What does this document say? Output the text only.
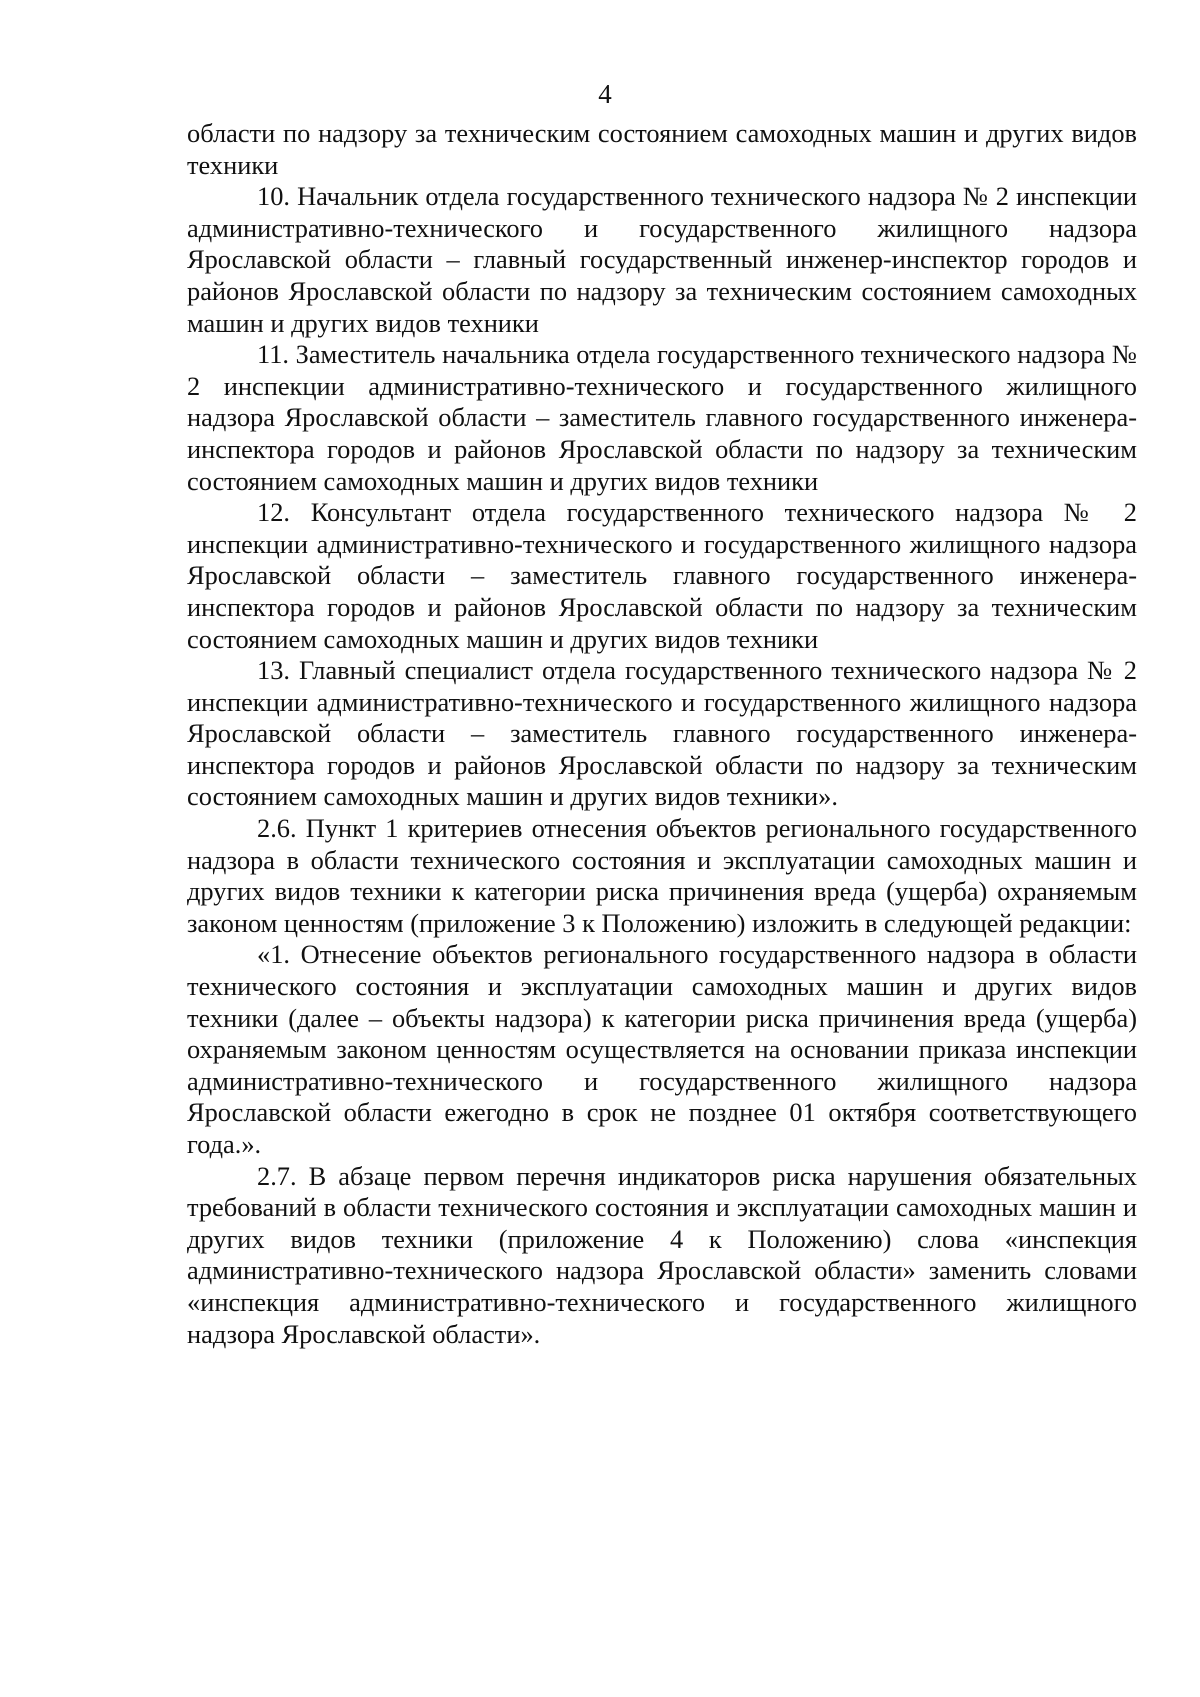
4

области по надзору за техническим состоянием самоходных машин и других видов техники

10. Начальник отдела государственного технического надзора № 2 инспекции административно-технического и государственного жилищного надзора Ярославской области – главный государственный инженер-инспектор городов и районов Ярославской области по надзору за техническим состоянием самоходных машин и других видов техники

11. Заместитель начальника отдела государственного технического надзора № 2 инспекции административно-технического и государственного жилищного надзора Ярославской области – заместитель главного государственного инженера-инспектора городов и районов Ярославской области по надзору за техническим состоянием самоходных машин и других видов техники

12. Консультант отдела государственного технического надзора № 2 инспекции административно-технического и государственного жилищного надзора Ярославской области – заместитель главного государственного инженера-инспектора городов и районов Ярославской области по надзору за техническим состоянием самоходных машин и других видов техники

13. Главный специалист отдела государственного технического надзора № 2 инспекции административно-технического и государственного жилищного надзора Ярославской области – заместитель главного государственного инженера-инспектора городов и районов Ярославской области по надзору за техническим состоянием самоходных машин и других видов техники».

2.6. Пункт 1 критериев отнесения объектов регионального государственного надзора в области технического состояния и эксплуатации самоходных машин и других видов техники к категории риска причинения вреда (ущерба) охраняемым законом ценностям (приложение 3 к Положению) изложить в следующей редакции:

«1. Отнесение объектов регионального государственного надзора в области технического состояния и эксплуатации самоходных машин и других видов техники (далее – объекты надзора) к категории риска причинения вреда (ущерба) охраняемым законом ценностям осуществляется на основании приказа инспекции административно-технического и государственного жилищного надзора Ярославской области ежегодно в срок не позднее 01 октября соответствующего года.».

2.7. В абзаце первом перечня индикаторов риска нарушения обязательных требований в области технического состояния и эксплуатации самоходных машин и других видов техники (приложение 4 к Положению) слова «инспекция административно-технического надзора Ярославской области» заменить словами «инспекция административно-технического и государственного жилищного надзора Ярославской области».
